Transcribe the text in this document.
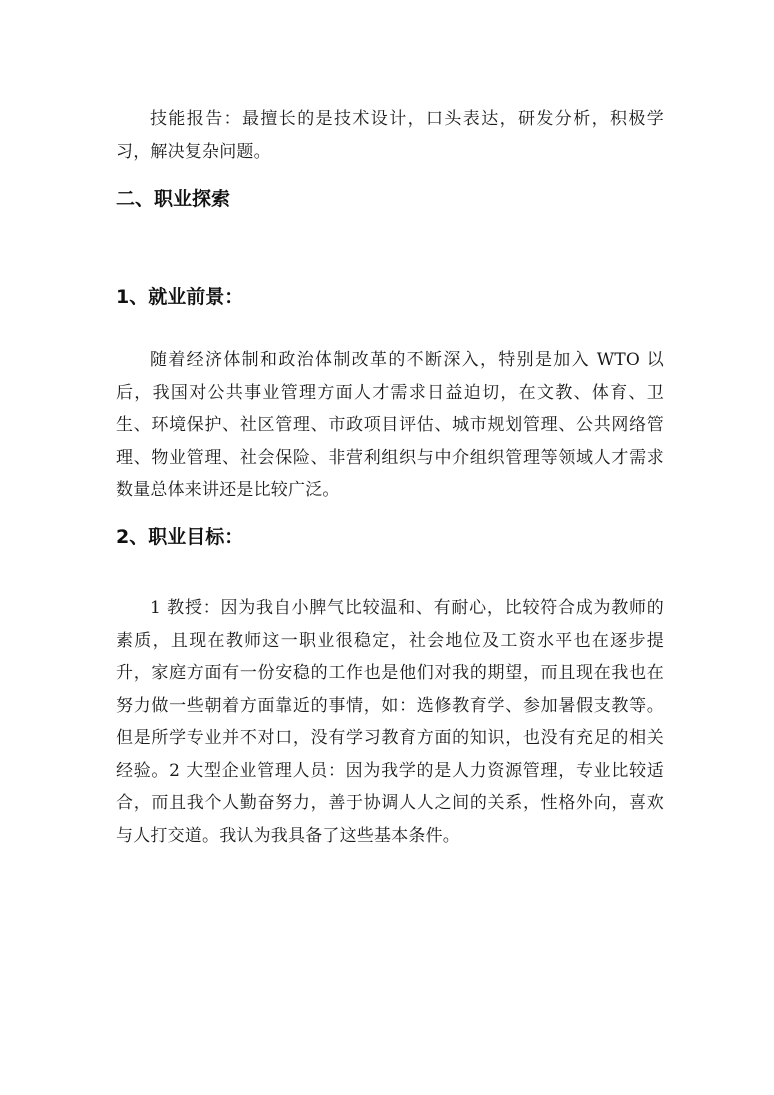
技能报告：最擅长的是技术设计，口头表达，研发分析，积极学习，解决复杂问题。

二、职业探索
1、就业前景：

随着经济体制和政治体制改革的不断深入，特别是加入 WTO 以后，我国对公共事业管理方面人才需求日益迫切，在文教、体育、卫生、环境保护、社区管理、市政项目评估、城市规划管理、公共网络管理、物业管理、社会保险、非营利组织与中介组织管理等领域人才需求数量总体来讲还是比较广泛。

2、职业目标：

1 教授：因为我自小脾气比较温和、有耐心，比较符合成为教师的素质，且现在教师这一职业很稳定，社会地位及工资水平也在逐步提升，家庭方面有一份安稳的工作也是他们对我的期望，而且现在我也在努力做一些朝着方面靠近的事情，如：选修教育学、参加暑假支教等。但是所学专业并不对口，没有学习教育方面的知识，也没有充足的相关经验。2 大型企业管理人员：因为我学的是人力资源管理，专业比较适合，而且我个人勤奋努力，善于协调人人之间的关系，性格外向，喜欢与人打交道。我认为我具备了这些基本条件。
